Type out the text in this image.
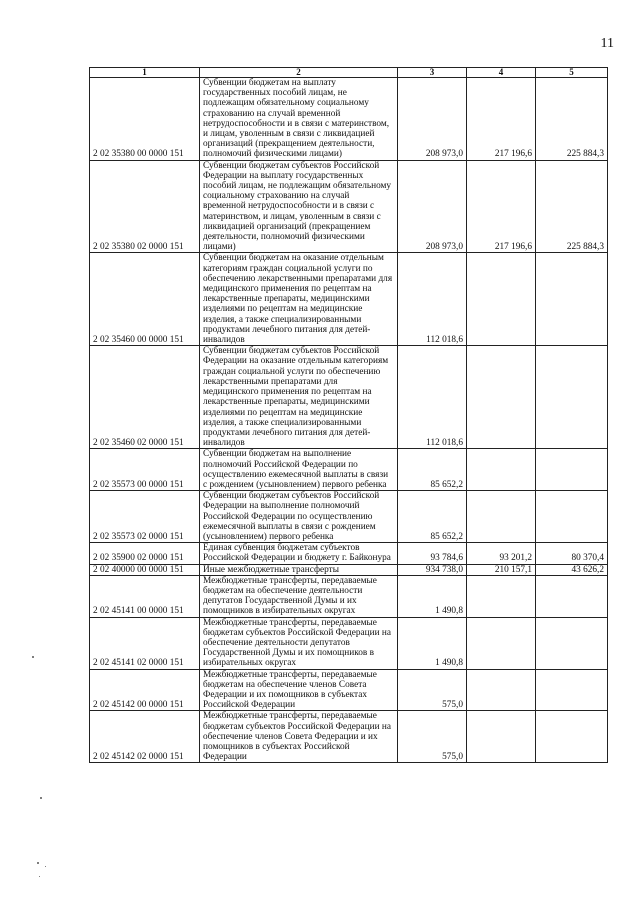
11
1	2	3	4	5
2 02 35380 00 0000 151	Субвенции бюджетам на выплату государственных пособий лицам, не подлежащим обязательному социальному страхованию на случай временной нетрудоспособности и в связи с материнством, и лицам, уволенным в связи с ликвидацией организаций (прекращением деятельности, полномочий физическими лицами)	208 973,0	217 196,6	225 884,3
2 02 35380 02 0000 151	Субвенции бюджетам субъектов Российской Федерации на выплату государственных пособий лицам, не подлежащим обязательному социальному страхованию на случай временной нетрудоспособности и в связи с материнством, и лицам, уволенным в связи с ликвидацией организаций (прекращением деятельности, полномочий физическими лицами)	208 973,0	217 196,6	225 884,3
2 02 35460 00 0000 151	Субвенции бюджетам на оказание отдельным категориям граждан социальной услуги по обеспечению лекарственными препаратами для медицинского применения по рецептам на лекарственные препараты, медицинскими изделиями по рецептам на медицинские изделия, а также специализированными продуктами лечебного питания для детей-инвалидов	112 018,6		
2 02 35460 02 0000 151	Субвенции бюджетам субъектов Российской Федерации на оказание отдельным категориям граждан социальной услуги по обеспечению лекарственными препаратами для медицинского применения по рецептам на лекарственные препараты, медицинскими изделиями по рецептам на медицинские изделия, а также специализированными продуктами лечебного питания для детей-инвалидов	112 018,6		
2 02 35573 00 0000 151	Субвенции бюджетам на выполнение полномочий Российской Федерации по осуществлению ежемесячной выплаты в связи с рождением (усыновлением) первого ребенка	85 652,2		
2 02 35573 02 0000 151	Субвенции бюджетам субъектов Российской Федерации на выполнение полномочий Российской Федерации по осуществлению ежемесячной выплаты в связи с рождением (усыновлением) первого ребенка	85 652,2		
2 02 35900 02 0000 151	Единая субвенция бюджетам субъектов Российской Федерации и бюджету г. Байконура	93 784,6	93 201,2	80 370,4
2 02 40000 00 0000 151	Иные межбюджетные трансферты	934 738,0	210 157,1	43 626,2
2 02 45141 00 0000 151	Межбюджетные трансферты, передаваемые бюджетам на обеспечение деятельности депутатов Государственной Думы и их помощников в избирательных округах	1 490,8		
2 02 45141 02 0000 151	Межбюджетные трансферты, передаваемые бюджетам субъектов Российской Федерации на обеспечение деятельности депутатов Государственной Думы и их помощников в избирательных округах	1 490,8		
2 02 45142 00 0000 151	Межбюджетные трансферты, передаваемые бюджетам на обеспечение членов Совета Федерации и их помощников в субъектах Российской Федерации	575,0		
2 02 45142 02 0000 151	Межбюджетные трансферты, передаваемые бюджетам субъектов Российской Федерации на обеспечение членов Совета Федерации и их помощников в субъектах Российской Федерации	575,0		
